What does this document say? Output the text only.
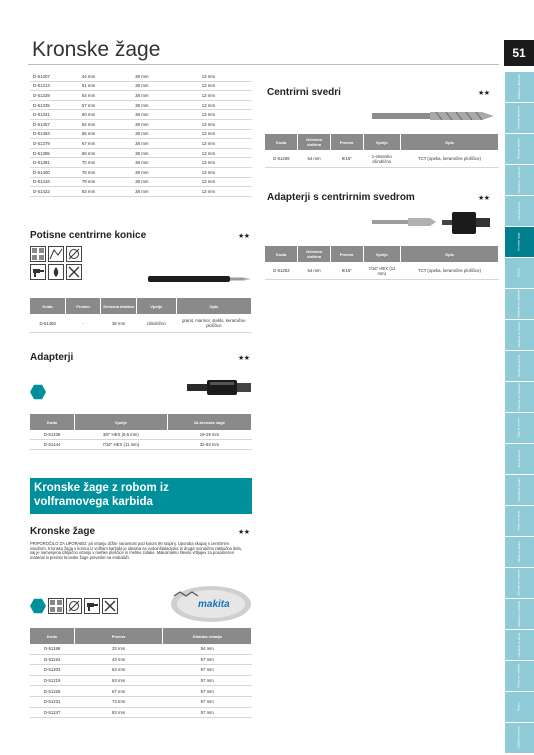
Kronske žage	51
Bušenje i dlijetanje
Rezanje kamena
Rezanje metala
Brušenje i poliranje
Rezanje drva
Kronske žage
Svedri
Nastavki za vijačenje
Nastavki za vrtanje
Brušenje kamna
Oprema za obdelavo
Žage za kovino
Brusni papirji
Diamantni rezalni
Pribor za stroje
Rezila za škarje
Oprema za varjenje
Baterije in polnilniki
Nastavki za stroje
Pribor za vrtalnike
Razno
Zaščitna oprema
D-51307	44 mm	38 mm	13 mm
D-51313	51 mm	38 mm	13 mm
D-51329	54 mm	38 mm	13 mm
D-51335	57 mm	38 mm	13 mm
D-51341	60 mm	38 mm	13 mm
D-51357	64 mm	38 mm	13 mm
D-51363	65 mm	38 mm	13 mm
D-51379	67 mm	38 mm	13 mm
D-51385	68 mm	38 mm	13 mm
D-51391	70 mm	38 mm	13 mm
D-51400	76 mm	38 mm	13 mm
D-51416	79 mm	38 mm	13 mm
D-51422	83 mm	38 mm	13 mm
Potisne centrirne konice	★★
Koda	Premer	Delovna dolžina	Vpetje	Opis
D-51450	-	38 mm	cilindrično	granit, marmor, steklo, keramične ploščice
Adapterji	★★
Koda	Vpetje	Za kronske žage
D-51438	3/8" HEX (9,5 mm)	19-29 mm
D-51444	7/16" HEX (11 mm)	32-83 mm
Kronske žage z robom iz
volframovega karbida
Kronske žage	★★
PRIPOROČILO ZA UPORABO: pri vrtanju držite naravnost pod kotom 90 stopinj. Uporaba skupaj s centrirnim svedrom. Kronska žaga s konico iz volfram karbida je idealna za vodoinštalacijska in druga montažna zaključna dela, saj je namenjena izključno vrtanju v mehke ploščice in mehke zidake. Maksimalno število vrtljajev za posamezen material in premer kronske žage preverite na embalaži.
makita
Koda	Premer	Globina vrtanja
D-51188	33 mm	54 mm
D-51194	43 mm	57 mm
D-51203	53 mm	57 mm
D-51219	63 mm	57 mm
D-51225	67 mm	57 mm
D-51231	73 mm	57 mm
D-51247	83 mm	57 mm
Centrirni svedri	★★
Koda	Delovna dolžina	Premer	Vpetje	Opis
D-51269	64 mm	9/16"	1-stransko cilindrično	TCT (opeka, keramične ploščice)
Adapterji s centrirnim svedrom	★★
Koda	Delovna dolžina	Premer	Vpetje	Opis
D-51253	64 mm	9/16"	7/16" HEX (11 mm)	TCT (opeka, keramične ploščice)
